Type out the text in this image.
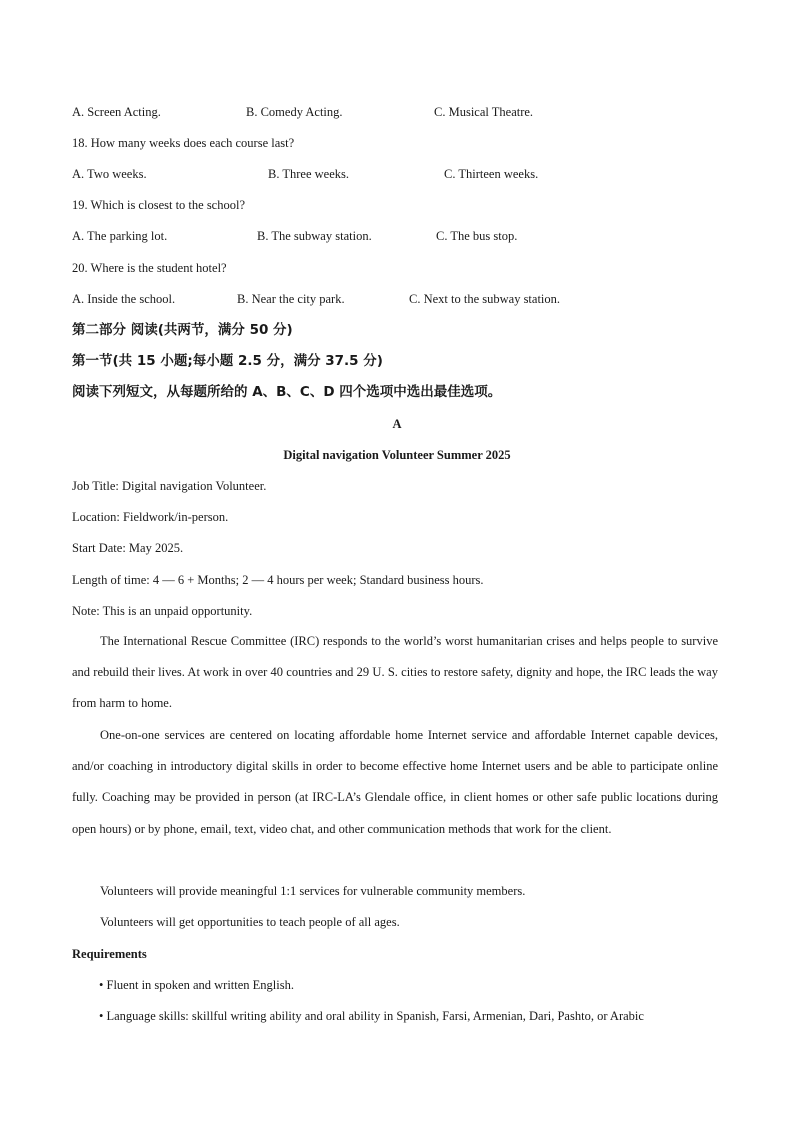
A. Screen Acting.	B. Comedy Acting.	C. Musical Theatre.
18. How many weeks does each course last?
A. Two weeks.	B. Three weeks.	C. Thirteen weeks.
19. Which is closest to the school?
A. The parking lot.	B. The subway station.	C. The bus stop.
20. Where is the student hotel?
A. Inside the school.	B. Near the city park.	C. Next to the subway station.
第二部分 阅读(共两节，满分 50 分)
第一节(共 15 小题;每小题 2.5 分，满分 37.5 分)
阅读下列短文，从每题所给的 A、B、C、D 四个选项中选出最佳选项。
A
Digital navigation Volunteer Summer 2025
Job Title: Digital navigation Volunteer.
Location: Fieldwork/in-person.
Start Date: May 2025.
Length of time: 4 — 6 + Months; 2 — 4 hours per week; Standard business hours.
Note: This is an unpaid opportunity.
The International Rescue Committee (IRC) responds to the world’s worst humanitarian crises and helps people to survive and rebuild their lives. At work in over 40 countries and 29 U. S. cities to restore safety, dignity and hope, the IRC leads the way from harm to home.
One-on-one services are centered on locating affordable home Internet service and affordable Internet capable devices, and/or coaching in introductory digital skills in order to become effective home Internet users and be able to participate online fully. Coaching may be provided in person (at IRC-LA’s Glendale office, in client homes or other safe public locations during open hours) or by phone, email, text, video chat, and other communication methods that work for the client.
Volunteers will provide meaningful 1:1 services for vulnerable community members.
Volunteers will get opportunities to teach people of all ages.
Requirements
• Fluent in spoken and written English.
• Language skills: skillful writing ability and oral ability in Spanish, Farsi, Armenian, Dari, Pashto, or Arabic
